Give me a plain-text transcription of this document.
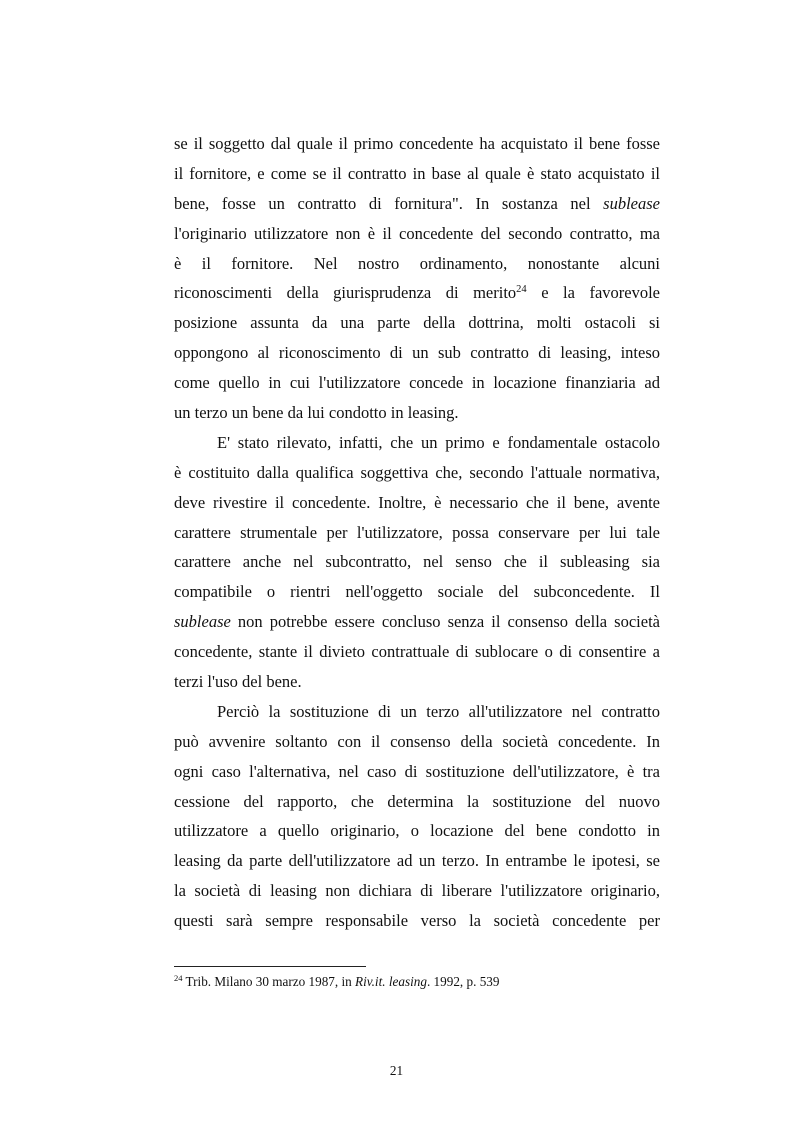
se il soggetto dal quale il primo concedente ha acquistato il bene fosse
il fornitore, e come se il contratto in base al quale è stato acquistato il
bene, fosse un contratto di fornitura". In sostanza nel sublease
l'originario utilizzatore non è il concedente del secondo contratto, ma
è il fornitore. Nel nostro ordinamento, nonostante alcuni
riconoscimenti della giurisprudenza di merito$^{24}$ e la favorevole
posizione assunta da una parte della dottrina, molti ostacoli si
oppongono al riconoscimento di un sub contratto di leasing, inteso
come quello in cui l'utilizzatore concede in locazione finanziaria ad
un terzo un bene da lui condotto in leasing.
E' stato rilevato, infatti, che un primo e fondamentale ostacolo
è costituito dalla qualifica soggettiva che, secondo l'attuale normativa,
deve rivestire il concedente. Inoltre, è necessario che il bene, avente
carattere strumentale per l'utilizzatore, possa conservare per lui tale
carattere anche nel subcontratto, nel senso che il subleasing sia
compatibile o rientri nell'oggetto sociale del subconcedente. Il
sublease non potrebbe essere concluso senza il consenso della società
concedente, stante il divieto contrattuale di sublocare o di consentire a
terzi l'uso del bene.
Perciò la sostituzione di un terzo all'utilizzatore nel contratto
può avvenire soltanto con il consenso della società concedente. In
ogni caso l'alternativa, nel caso di sostituzione dell'utilizzatore, è tra
cessione del rapporto, che determina la sostituzione del nuovo
utilizzatore a quello originario, o locazione del bene condotto in
leasing da parte dell'utilizzatore ad un terzo. In entrambe le ipotesi, se
la società di leasing non dichiara di liberare l'utilizzatore originario,
questi sarà sempre responsabile verso la società concedente per
$^{24}$ Trib. Milano 30 marzo 1987, in Riv.it. leasing. 1992, p. 539
21
